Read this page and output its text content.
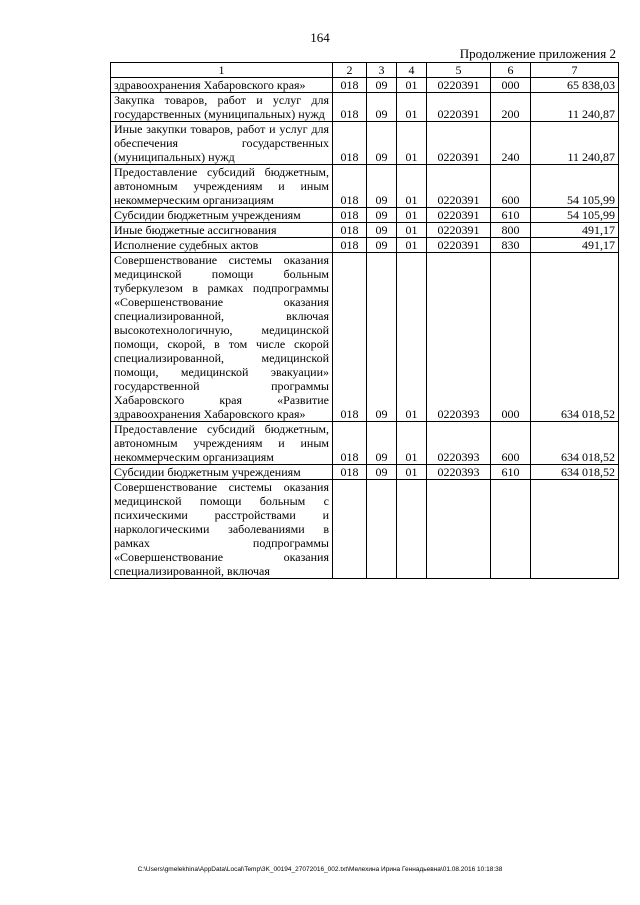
164
Продолжение приложения 2
1	2	3	4	5	6	7
здравоохранения Хабаровского края»	018	09	01	0220391	000	65 838,03
Закупка товаров, работ и услуг для государственных (муниципальных) нужд	018	09	01	0220391	200	11 240,87
Иные закупки товаров, работ и услуг для обеспечения государственных (муниципальных) нужд	018	09	01	0220391	240	11 240,87
Предоставление субсидий бюджетным, автономным учреждениям и иным некоммерческим организациям	018	09	01	0220391	600	54 105,99
Субсидии бюджетным учреждениям	018	09	01	0220391	610	54 105,99
Иные бюджетные ассигнования	018	09	01	0220391	800	491,17
Исполнение судебных актов	018	09	01	0220391	830	491,17
Совершенствование системы оказания медицинской помощи больным туберкулезом в рамках подпрограммы «Совершенствование оказания специализированной, включая высокотехнологичную, медицинской помощи, скорой, в том числе скорой специализированной, медицинской помощи, медицинской эвакуации» государственной программы Хабаровского края «Развитие здравоохранения Хабаровского края»	018	09	01	0220393	000	634 018,52
Предоставление субсидий бюджетным, автономным учреждениям и иным некоммерческим организациям	018	09	01	0220393	600	634 018,52
Субсидии бюджетным учреждениям	018	09	01	0220393	610	634 018,52
Совершенствование системы оказания медицинской помощи больным с психическими расстройствами и наркологическими заболеваниями в рамках подпрограммы «Совершенствование оказания специализированной, включая						
C:\Users\gmelekhina\AppData\Local\Temp\3K_00194_27072016_002.txt\Мелехина Ирина Геннадьевна\01.08.2016 10:18:38
